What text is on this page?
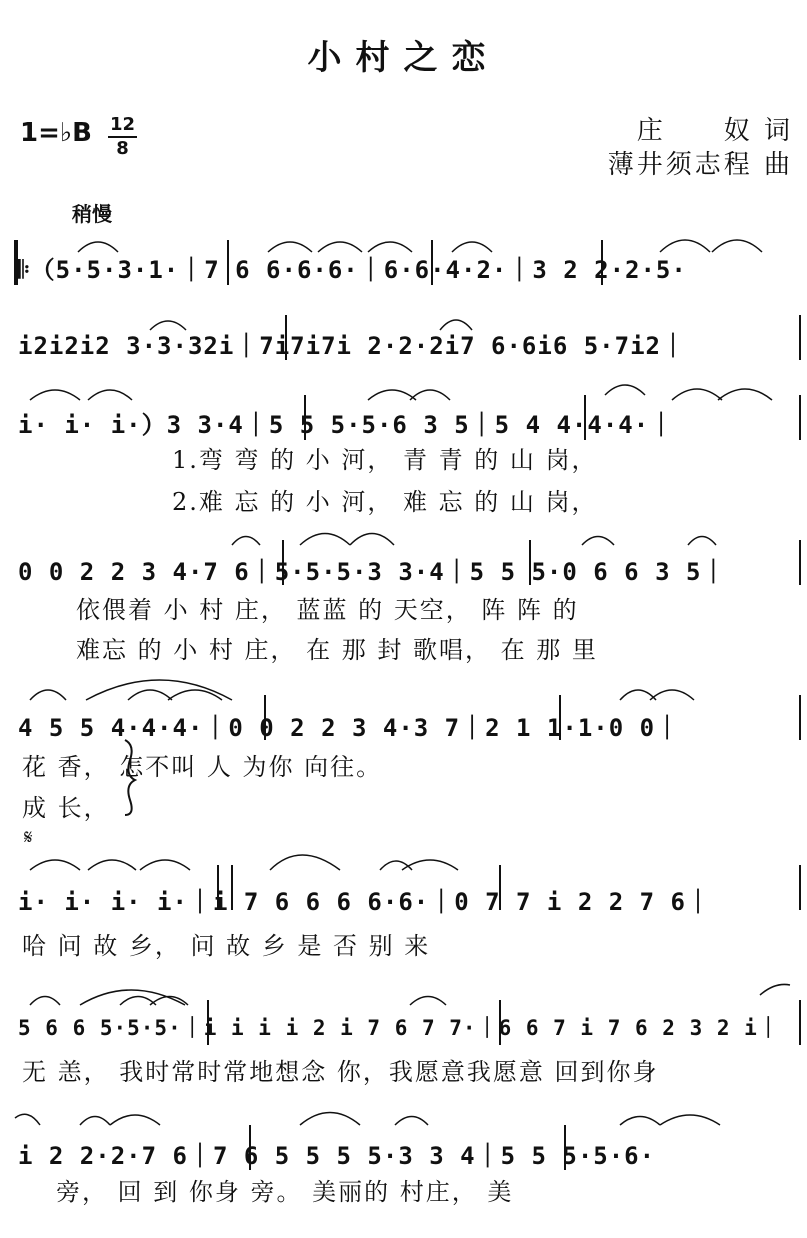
小村之恋
1=♭B $\frac{12}{8}$	庄　　奴 词
薄井须志程 曲
稍慢
𝄆（5·5·3·1·｜7 6 6·6·6·｜6·6·4·2·｜3 2 2·2·5·
i2i2i2 3·3·32i｜7i7i7i 2·2·2i7 6·6i6 5·7i2｜
i· i· i·）3 3·4｜5 5 5·5·6 3 5｜5 4 4·4·4·｜
1.弯 弯 的 小 河， 青 青 的 山 岗，
2.难 忘 的 小 河， 难 忘 的 山 岗，
0 0 2 2 3 4·7 6｜5·5·5·3 3·4｜5 5 5·0 6 6 3 5｜
依偎着 小 村 庄， 蓝蓝 的 天空， 阵 阵 的
难忘 的 小 村 庄， 在 那 封 歌唱， 在 那 里
4 5 5 4·4·4·｜0 0 2 2 3 4·3 7｜2 1 1·1·0 0｜
花 香， 怎不叫 人 为你 向往。
成 长，
𝄋
i· i· i· i·｜i 7 6 6 6 6·6·｜0 7 7 i 2 2 7 6｜
哈 问 故 乡， 问 故 乡 是 否 别 来
5 6 6 5·5·5·｜i i i i 2 i 7 6 7 7·｜6 6 7 i 7 6 2 3 2 i｜
无 恙， 我时常时常地想念 你，我愿意我愿意 回到你身
i 2 2·2·7 6｜7 6 5 5 5 5·3 3 4｜5 5 5·5·6·
旁， 回 到 你身 旁。 美丽的 村庄， 美
